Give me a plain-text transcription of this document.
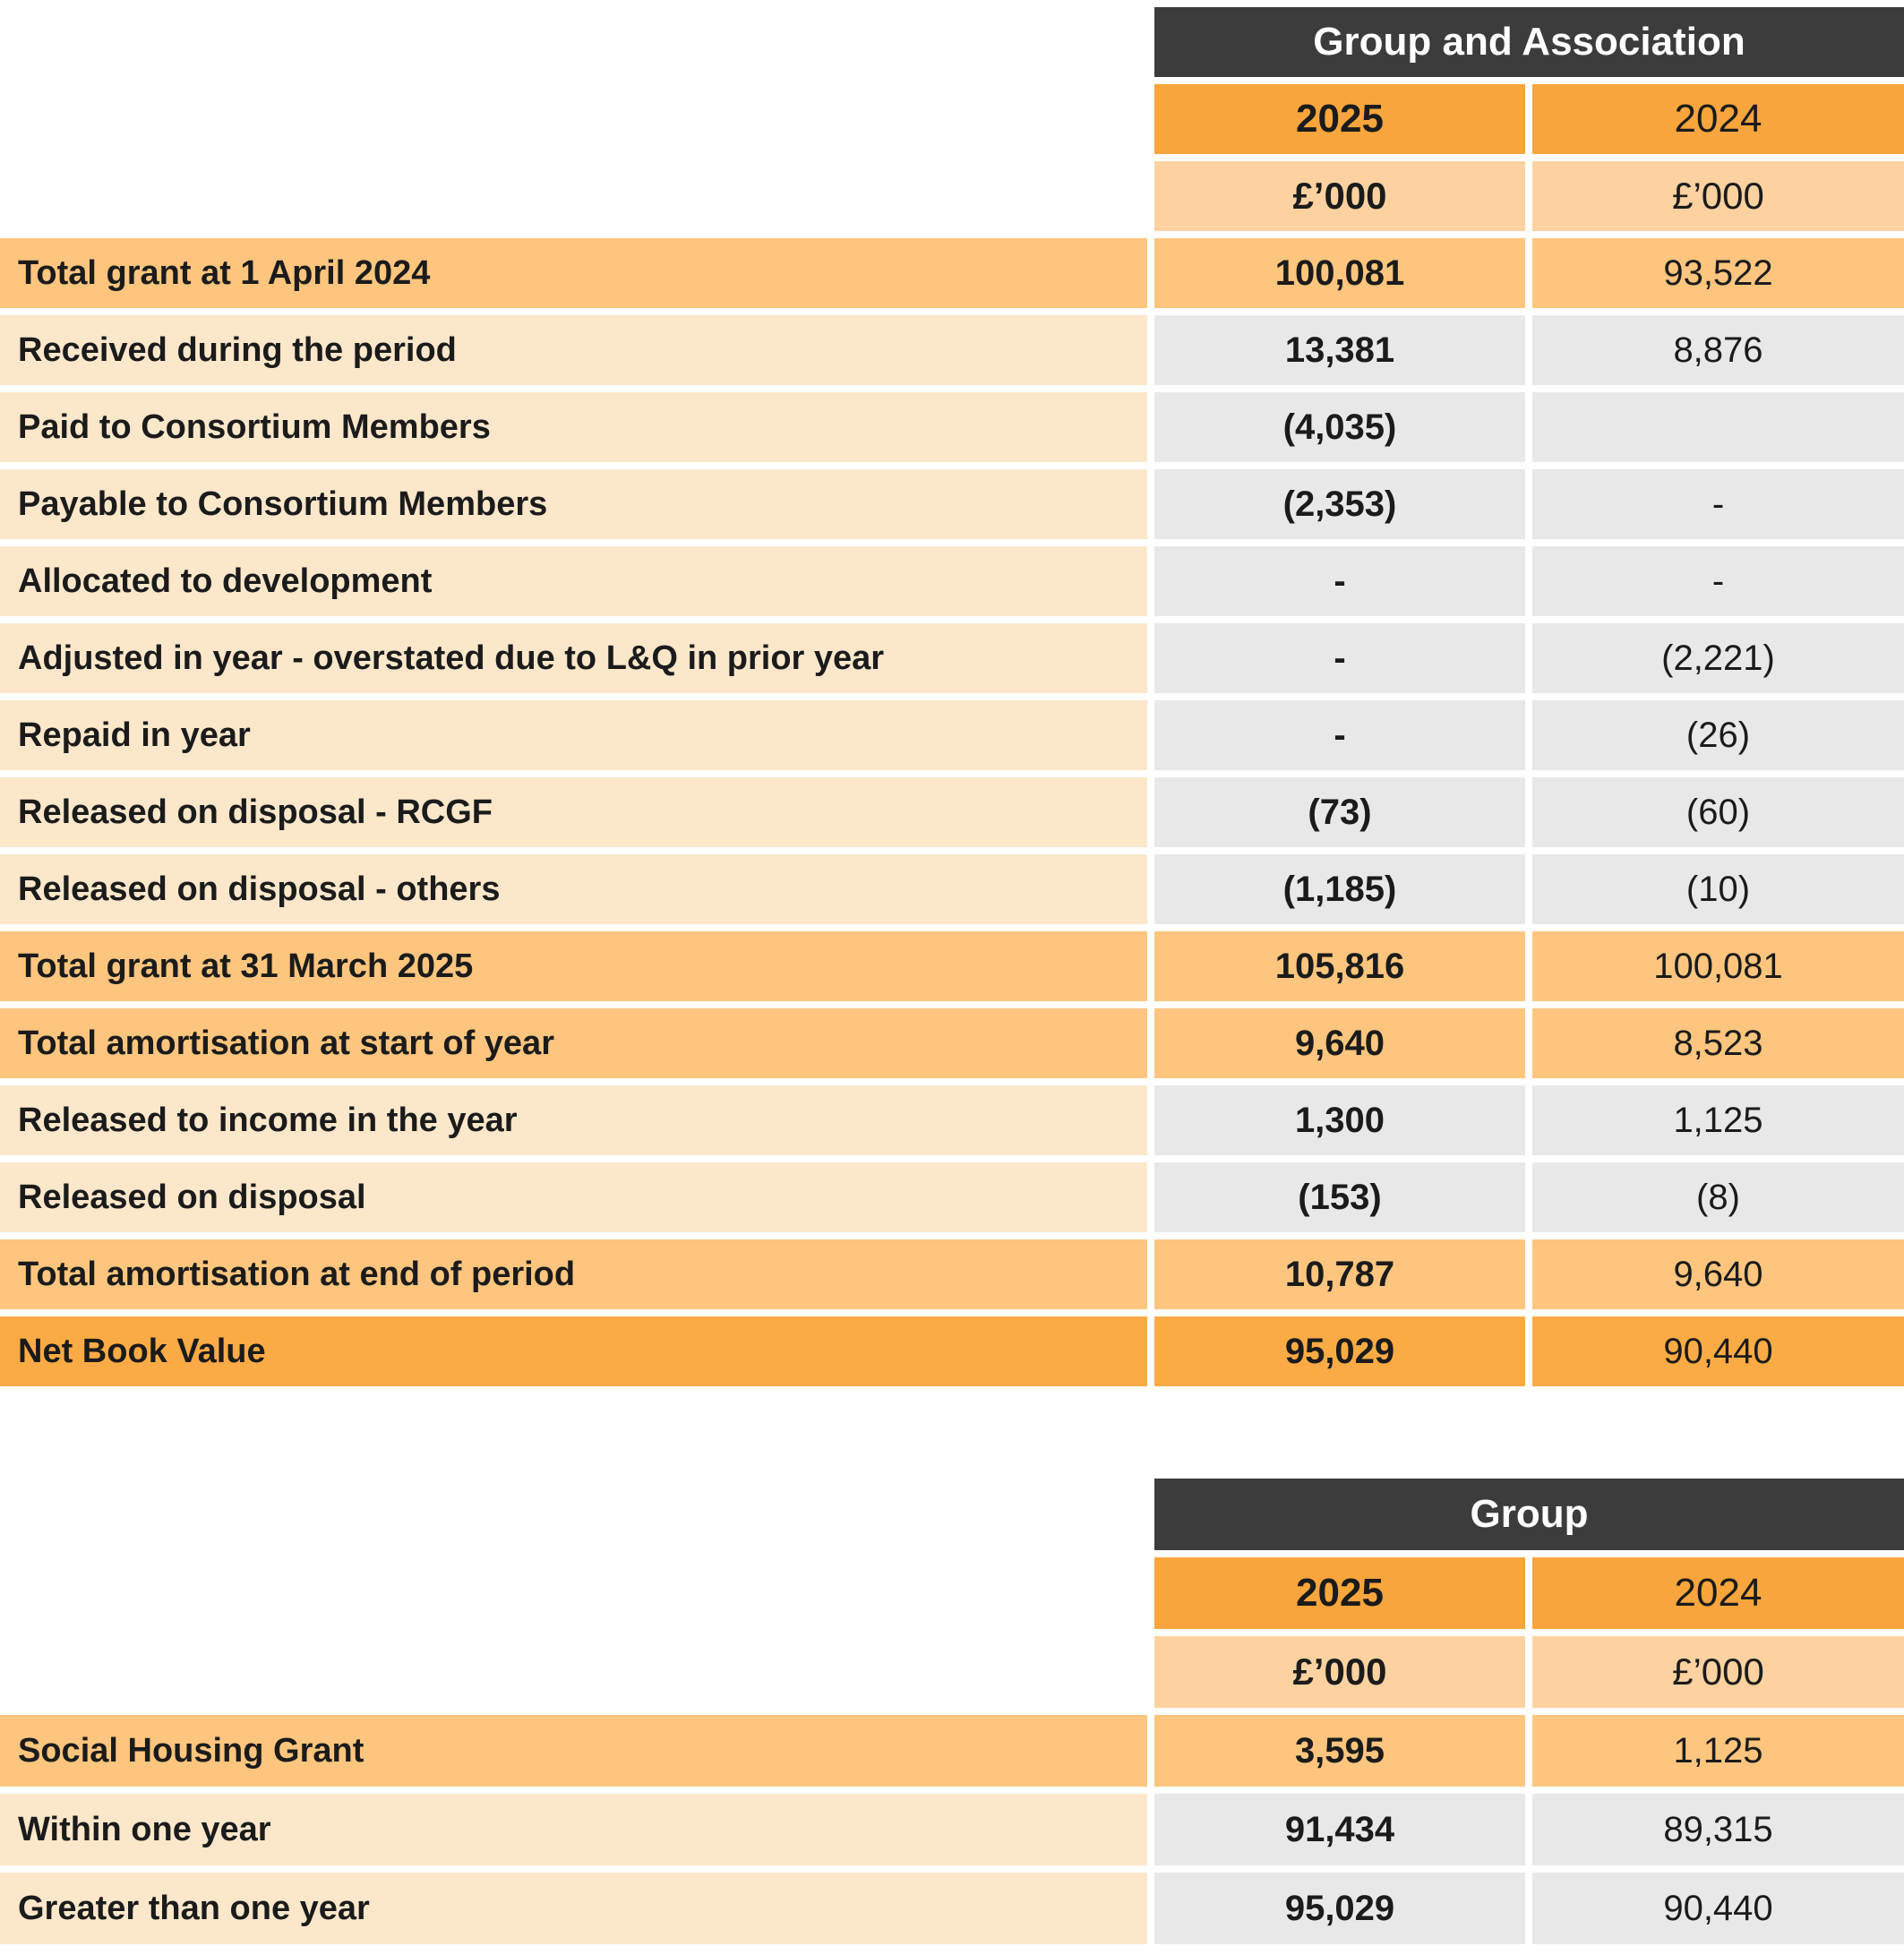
Group and Association
2025	2024
£’000	£’000
Total grant at 1 April 2024	100,081	93,522
Received during the period	13,381	8,876
Paid to Consortium Members	(4,035)
Payable to Consortium Members	(2,353)	-
Allocated to development	-	-
Adjusted in year - overstated due to L&Q in prior year	-	(2,221)
Repaid in year	-	(26)
Released on disposal - RCGF	(73)	(60)
Released on disposal - others	(1,185)	(10)
Total grant at 31 March 2025	105,816	100,081
Total amortisation at start of year	9,640	8,523
Released to income in the year	1,300	1,125
Released on disposal	(153)	(8)
Total amortisation at end of period	10,787	9,640
Net Book Value	95,029	90,440
Group
2025	2024
£’000	£’000
Social Housing Grant	3,595	1,125
Within one year	91,434	89,315
Greater than one year	95,029	90,440
